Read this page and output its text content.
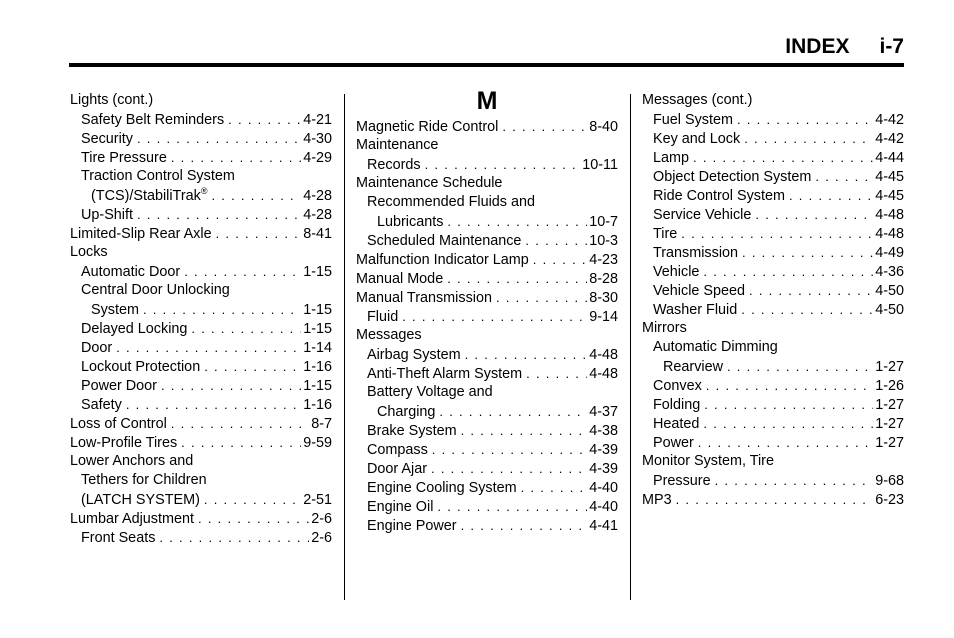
INDEX i-7
Lights (cont.)
Safety Belt Reminders . . .	4-21
Security . . .	4-30
Tire Pressure . . .	4-29
Traction Control System
(TCS)/StabiliTrak® . . .	4-28
Up-Shift . . .	4-28
Limited-Slip Rear Axle . . .	8-41
Locks
Automatic Door . . .	1-15
Central Door Unlocking
System . . .	1-15
Delayed Locking . . .	1-15
Door . . .	1-14
Lockout Protection . . .	1-16
Power Door . . .	1-15
Safety . . .	1-16
Loss of Control . . .	8-7
Low-Profile Tires . . .	9-59
Lower Anchors and
Tethers for Children
(LATCH SYSTEM) . . .	2-51
Lumbar Adjustment . . .	2-6
Front Seats . . .	2-6
M
Magnetic Ride Control . . .	8-40
Maintenance
Records . . .	10-11
Maintenance Schedule
Recommended Fluids and
Lubricants . . .	10-7
Scheduled Maintenance . . .	10-3
Malfunction Indicator Lamp . . .	4-23
Manual Mode . . .	8-28
Manual Transmission . . .	8-30
Fluid . . .	9-14
Messages
Airbag System . . .	4-48
Anti-Theft Alarm System . . .	4-48
Battery Voltage and
Charging . . .	4-37
Brake System . . .	4-38
Compass . . .	4-39
Door Ajar . . .	4-39
Engine Cooling System . . .	4-40
Engine Oil . . .	4-40
Engine Power . . .	4-41
Messages (cont.)
Fuel System . . .	4-42
Key and Lock . . .	4-42
Lamp . . .	4-44
Object Detection System . . .	4-45
Ride Control System . . .	4-45
Service Vehicle . . .	4-48
Tire . . .	4-48
Transmission . . .	4-49
Vehicle . . .	4-36
Vehicle Speed . . .	4-50
Washer Fluid . . .	4-50
Mirrors
Automatic Dimming
Rearview . . .	1-27
Convex . . .	1-26
Folding . . .	1-27
Heated . . .	1-27
Power . . .	1-27
Monitor System, Tire
Pressure . . .	9-68
MP3 . . .	6-23
